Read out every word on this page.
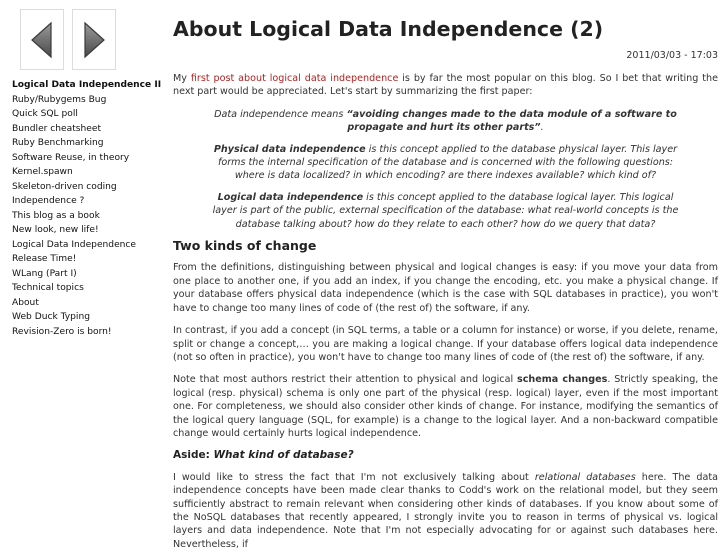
Logical Data Independence II
Ruby/Rubygems Bug
Quick SQL poll
Bundler cheatsheet
Ruby Benchmarking
Software Reuse, in theory
Kernel.spawn
Skeleton-driven coding
Independence ?
This blog as a book
New look, new life!
Logical Data Independence
Release Time!
WLang (Part I)
Technical topics
About
Web Duck Typing
Revision-Zero is born!
About Logical Data Independence (2)
2011/03/03 - 17:03

My first post about logical data independence is by far the most popular on this blog. So I bet that writing the next part would be appreciated. Let's start by summarizing the first paper:

Data independence means “avoiding changes made to the data module of a software to propagate and hurt its other parts”.

Physical data independence is this concept applied to the database physical layer. This layer forms the internal specification of the database and is concerned with the following questions: where is data localized? in which encoding? are there indexes available? which kind of?

Logical data independence is this concept applied to the database logical layer. This logical layer is part of the public, external specification of the database: what real-world concepts is the database talking about? how do they relate to each other? how do we query that data?

Two kinds of change

From the definitions, distinguishing between physical and logical changes is easy: if you move your data from one place to another one, if you add an index, if you change the encoding, etc. you make a physical change. If your database offers physical data independence (which is the case with SQL databases in practice), you won't have to change too many lines of code of (the rest of) the software, if any.

In contrast, if you add a concept (in SQL terms, a table or a column for instance) or worse, if you delete, rename, split or change a concept,… you are making a logical change. If your database offers logical data independence (not so often in practice), you won't have to change too many lines of code of (the rest of) the software, if any.

Note that most authors restrict their attention to physical and logical schema changes. Strictly speaking, the logical (resp. physical) schema is only one part of the physical (resp. logical) layer, even if the most important one. For completeness, we should also consider other kinds of change. For instance, modifying the semantics of the logical query language (SQL, for example) is a change to the logical layer. And a non-backward compatible change would certainly hurts logical independence.

Aside: What kind of database?

I would like to stress the fact that I'm not exclusively talking about relational databases here. The data independence concepts have been made clear thanks to Codd's work on the relational model, but they seem sufficiently abstract to remain relevant when considering other kinds of databases. If you know about some of the NoSQL databases that recently appeared, I strongly invite you to reason in terms of physical vs. logical layers and data independence. Note that I'm not especially advocating for or against such databases here. Nevertheless, if
